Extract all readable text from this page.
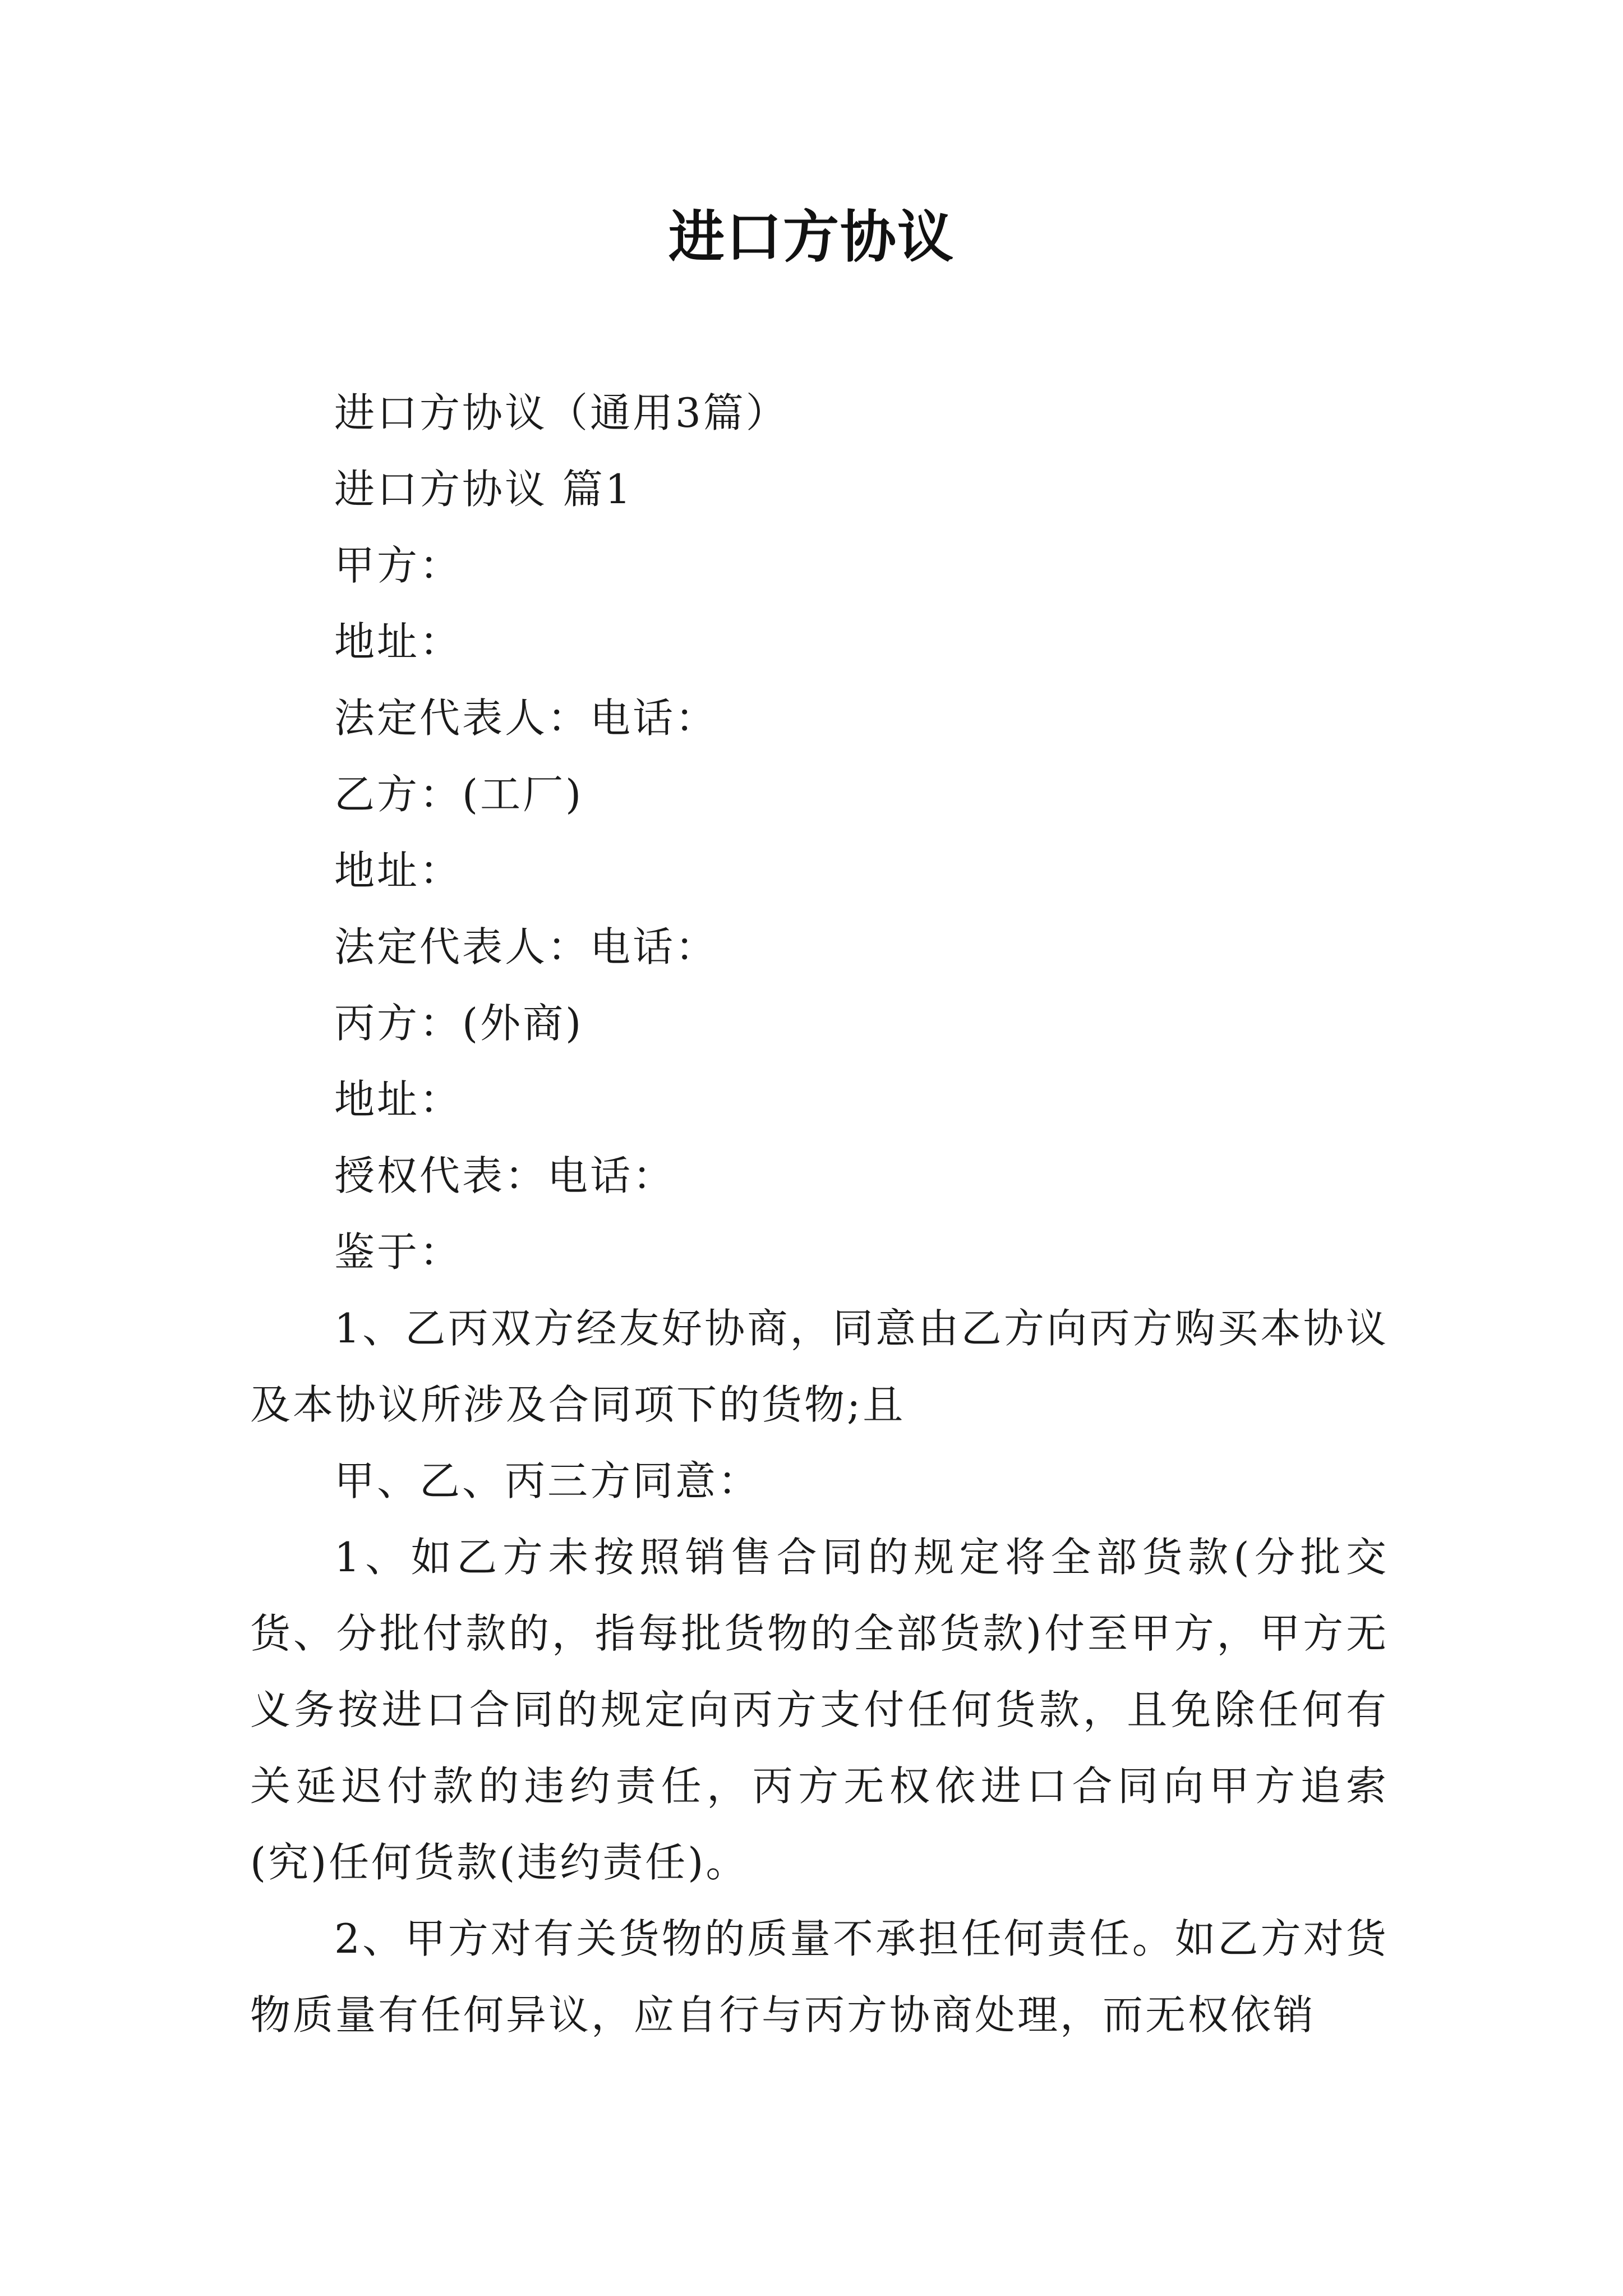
进口方协议

进口方协议（通用3篇）

进口方协议 篇1

甲方：

地址：

法定代表人：电话：

乙方：(工厂)

地址：

法定代表人：电话：

丙方：(外商)

地址：

授权代表：电话：

鉴于：

1、乙丙双方经友好协商，同意由乙方向丙方购买本协议及本协议所涉及合同项下的货物;且

甲、乙、丙三方同意：

1、如乙方未按照销售合同的规定将全部货款(分批交货、分批付款的，指每批货物的全部货款)付至甲方，甲方无义务按进口合同的规定向丙方支付任何货款，且免除任何有关延迟付款的违约责任，丙方无权依进口合同向甲方追索(究)任何货款(违约责任)。

2、甲方对有关货物的质量不承担任何责任。如乙方对货物质量有任何异议，应自行与丙方协商处理，而无权依销
